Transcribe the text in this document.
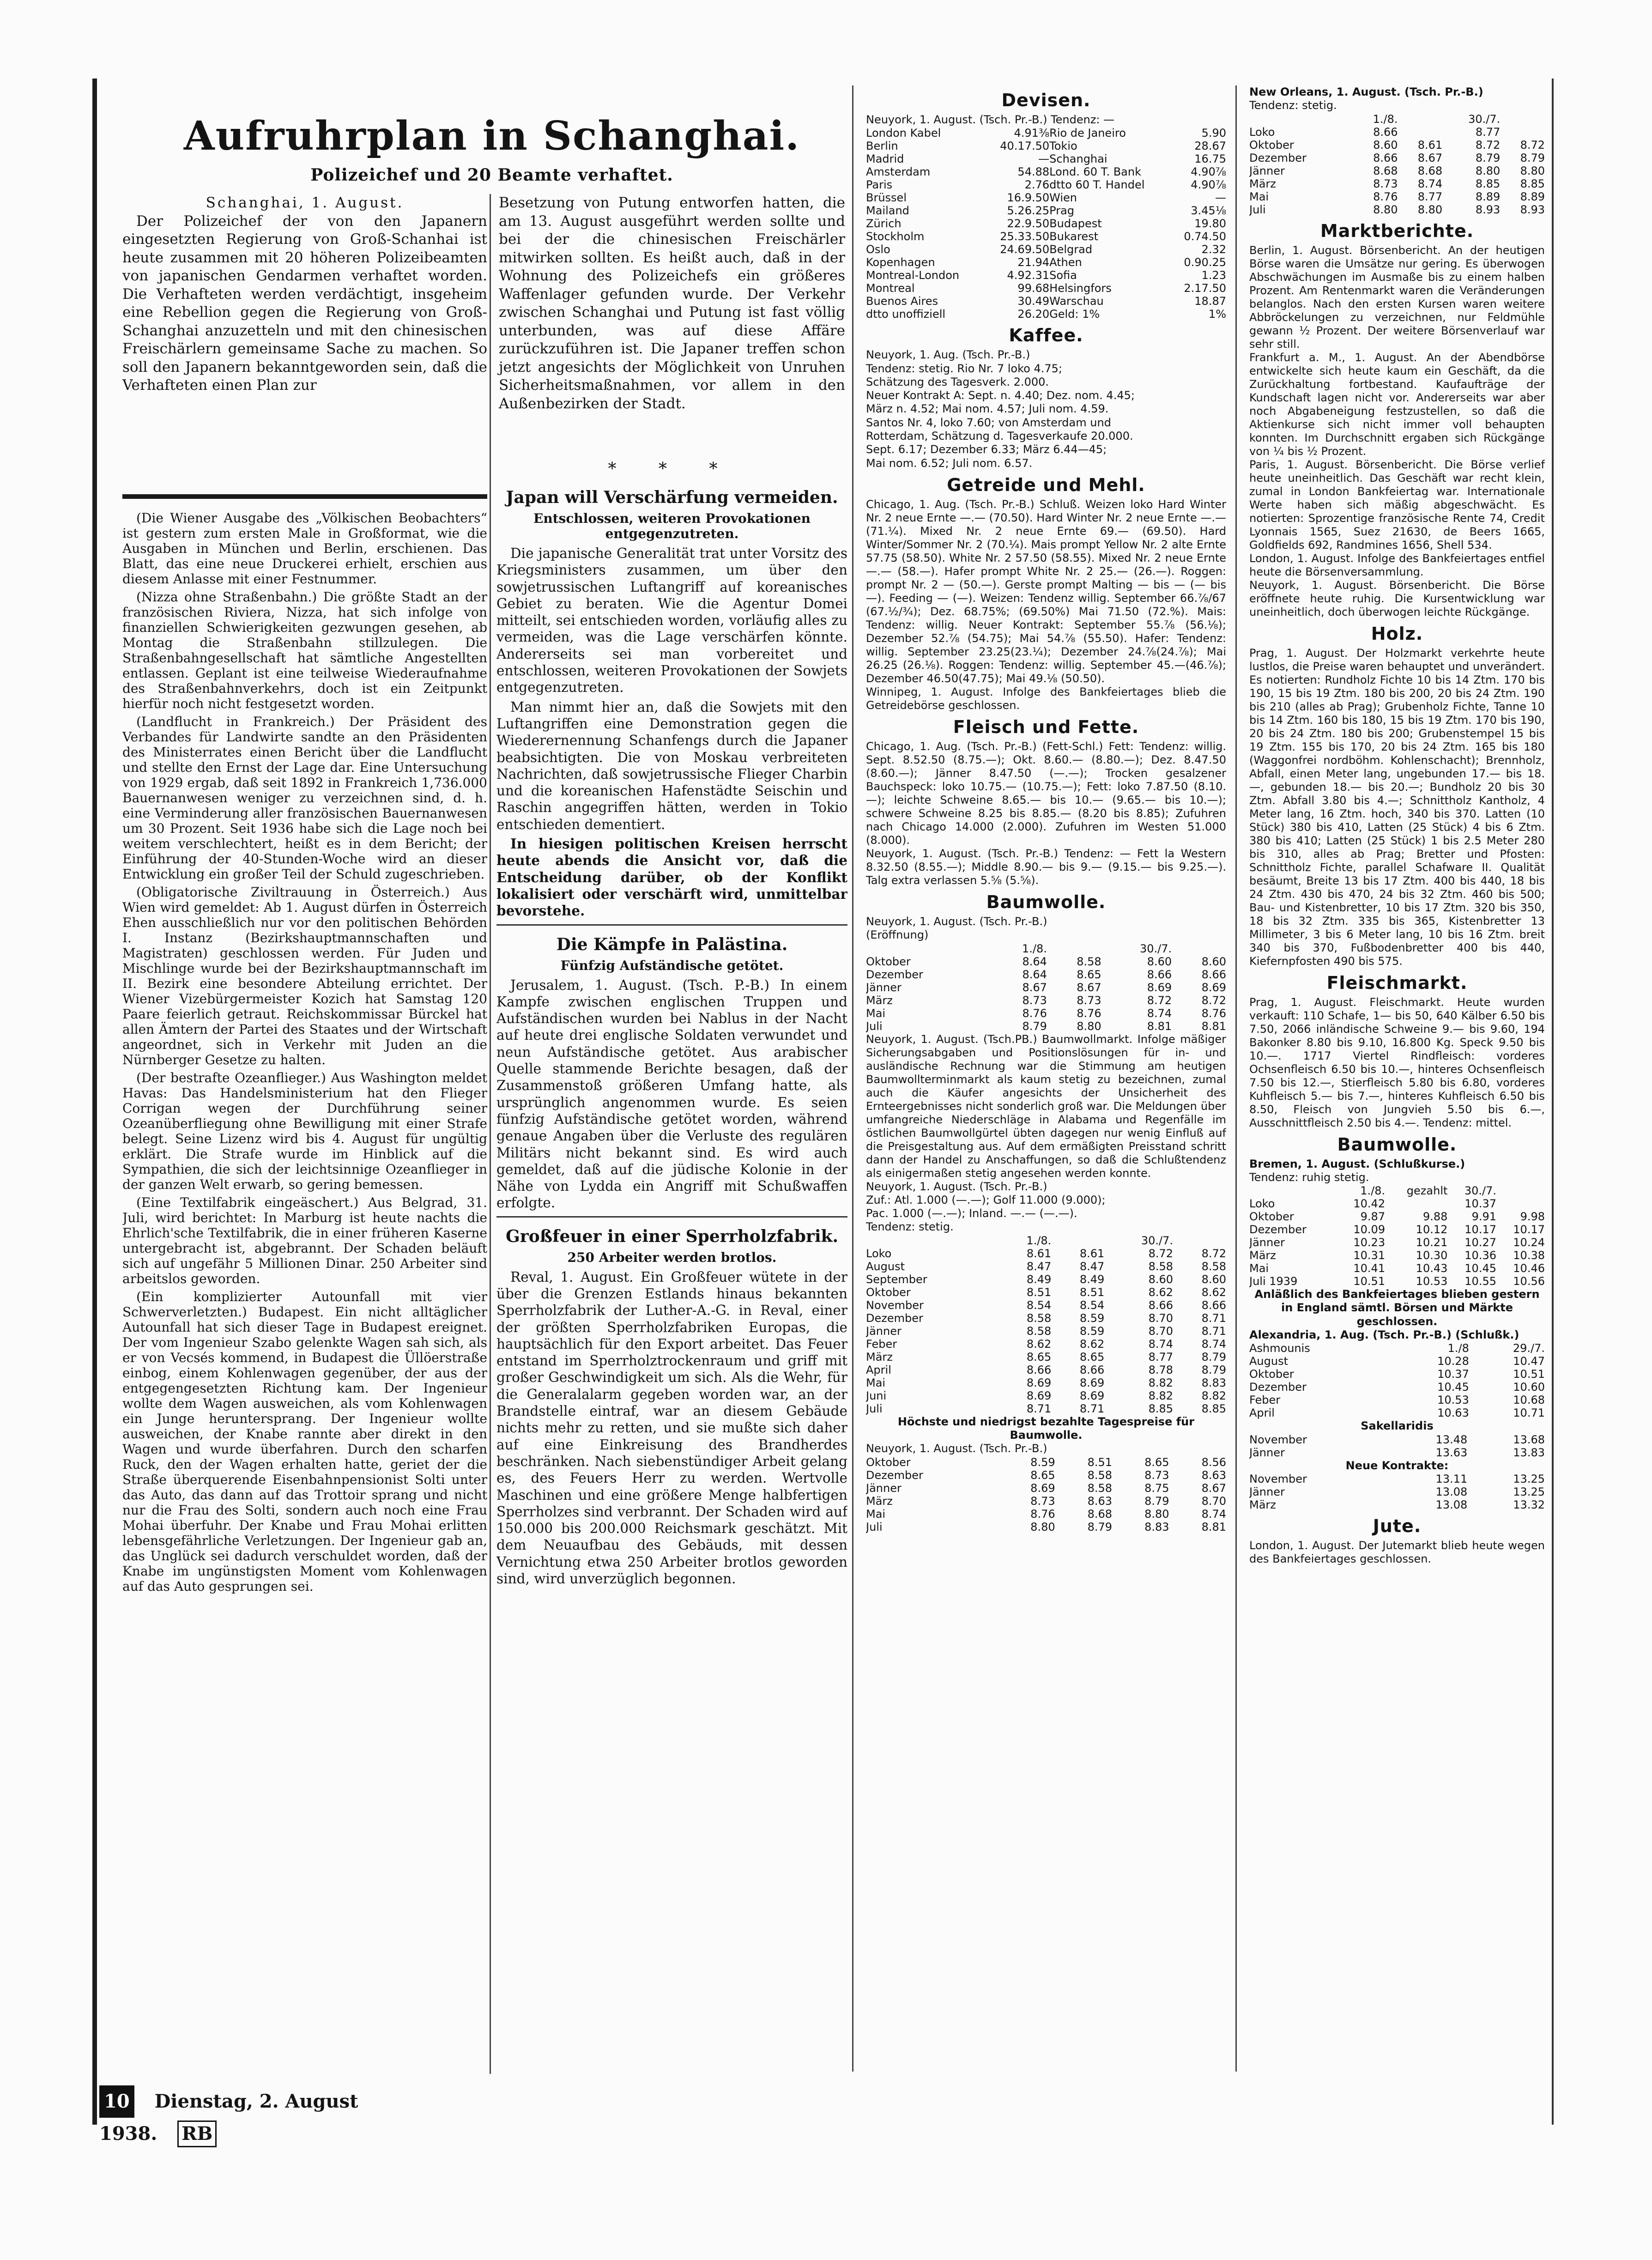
Aufruhrplan in Schanghai.
Polizeichef und 20 Beamte verhaftet.
Schanghai, 1. August.
Der Polizeichef der von den Japanern eingesetzten Regierung von Groß-Schanhai ist heute zusammen mit 20 höheren Polizeibeamten von japanischen Gendarmen verhaftet worden. Die Verhafteten werden verdächtigt, insgeheim eine Rebellion gegen die Regierung von Groß-Schanghai anzuzetteln und mit den chinesischen Freischärlern gemeinsame Sache zu machen. So soll den Japanern bekanntgeworden sein, daß die Verhafteten einen Plan zur
Besetzung von Putung entworfen hatten, die am 13. August ausgeführt werden sollte und bei der die chinesischen Freischärler mitwirken sollten. Es heißt auch, daß in der Wohnung des Polizeichefs ein größeres Waffenlager gefunden wurde. Der Verkehr zwischen Schanghai und Putung ist fast völlig unterbunden, was auf diese Affäre zurückzuführen ist. Die Japaner treffen schon jetzt angesichts der Möglichkeit von Unruhen Sicherheitsmaßnahmen, vor allem in den Außenbezirken der Stadt.

(Die Wiener Ausgabe des „Völkischen Beobachters“ ist gestern zum ersten Male in Großformat, wie die Ausgaben in München und Berlin, erschienen. Das Blatt, das eine neue Druckerei erhielt, erschien aus diesem Anlasse mit einer Festnummer.

(Nizza ohne Straßenbahn.) Die größte Stadt an der französischen Riviera, Nizza, hat sich infolge von finanziellen Schwierigkeiten gezwungen gesehen, ab Montag die Straßenbahn stillzulegen. Die Straßenbahngesellschaft hat sämtliche Angestellten entlassen. Geplant ist eine teilweise Wiederaufnahme des Straßenbahnverkehrs, doch ist ein Zeitpunkt hierfür noch nicht festgesetzt worden.

(Landflucht in Frankreich.) Der Präsident des Verbandes für Landwirte sandte an den Präsidenten des Ministerrates einen Bericht über die Landflucht und stellte den Ernst der Lage dar. Eine Untersuchung von 1929 ergab, daß seit 1892 in Frankreich 1,736.000 Bauernanwesen weniger zu verzeichnen sind, d. h. eine Verminderung aller französischen Bauernanwesen um 30 Prozent. Seit 1936 habe sich die Lage noch bei weitem verschlechtert, heißt es in dem Bericht; der Einführung der 40-Stunden-Woche wird an dieser Entwicklung ein großer Teil der Schuld zugeschrieben.

(Obligatorische Ziviltrauung in Österreich.) Aus Wien wird gemeldet: Ab 1. August dürfen in Österreich Ehen ausschließlich nur vor den politischen Behörden I. Instanz (Bezirkshauptmannschaften und Magistraten) geschlossen werden. Für Juden und Mischlinge wurde bei der Bezirkshauptmannschaft im II. Bezirk eine besondere Abteilung errichtet. Der Wiener Vizebürgermeister Kozich hat Samstag 120 Paare feierlich getraut. Reichskommissar Bürckel hat allen Ämtern der Partei des Staates und der Wirtschaft angeordnet, sich in Verkehr mit Juden an die Nürnberger Gesetze zu halten.

(Der bestrafte Ozeanflieger.) Aus Washington meldet Havas: Das Handelsministerium hat den Flieger Corrigan wegen der Durchführung seiner Ozeanüberfliegung ohne Bewilligung mit einer Strafe belegt. Seine Lizenz wird bis 4. August für ungültig erklärt. Die Strafe wurde im Hinblick auf die Sympathien, die sich der leichtsinnige Ozeanflieger in der ganzen Welt erwarb, so gering bemessen.

(Eine Textilfabrik eingeäschert.) Aus Belgrad, 31. Juli, wird berichtet: In Marburg ist heute nachts die Ehrlich'sche Textilfabrik, die in einer früheren Kaserne untergebracht ist, abgebrannt. Der Schaden beläuft sich auf ungefähr 5 Millionen Dinar. 250 Arbeiter sind arbeitslos geworden.

(Ein komplizierter Autounfall mit vier Schwerverletzten.) Budapest. Ein nicht alltäglicher Autounfall hat sich dieser Tage in Budapest ereignet. Der vom Ingenieur Szabo gelenkte Wagen sah sich, als er von Vecsés kommend, in Budapest die Üllöerstraße einbog, einem Kohlenwagen gegenüber, der aus der entgegengesetzten Richtung kam. Der Ingenieur wollte dem Wagen ausweichen, als vom Kohlenwagen ein Junge heruntersprang. Der Ingenieur wollte ausweichen, der Knabe rannte aber direkt in den Wagen und wurde überfahren. Durch den scharfen Ruck, den der Wagen erhalten hatte, geriet der die Straße überquerende Eisenbahnpensionist Solti unter das Auto, das dann auf das Trottoir sprang und nicht nur die Frau des Solti, sondern auch noch eine Frau Mohai überfuhr. Der Knabe und Frau Mohai erlitten lebensgefährliche Verletzungen. Der Ingenieur gab an, das Unglück sei dadurch verschuldet worden, daß der Knabe im ungünstigsten Moment vom Kohlenwagen auf das Auto gesprungen sei.

* * *
Japan will Verschärfung vermeiden.
Entschlossen, weiteren Provokationen entgegenzutreten.

Die japanische Generalität trat unter Vorsitz des Kriegsministers zusammen, um über den sowjetrussischen Luftangriff auf koreanisches Gebiet zu beraten. Wie die Agentur Domei mitteilt, sei entschieden worden, vorläufig alles zu vermeiden, was die Lage verschärfen könnte. Andererseits sei man vorbereitet und entschlossen, weiteren Provokationen der Sowjets entgegenzutreten.

Man nimmt hier an, daß die Sowjets mit den Luftangriffen eine Demonstration gegen die Wiederernennung Schanfengs durch die Japaner beabsichtigten. Die von Moskau verbreiteten Nachrichten, daß sowjetrussische Flieger Charbin und die koreanischen Hafenstädte Seischin und Raschin angegriffen hätten, werden in Tokio entschieden dementiert.

In hiesigen politischen Kreisen herrscht heute abends die Ansicht vor, daß die Entscheidung darüber, ob der Konflikt lokalisiert oder verschärft wird, unmittelbar bevorstehe.

Die Kämpfe in Palästina.
Fünfzig Aufständische getötet.

Jerusalem, 1. August. (Tsch. P.-B.) In einem Kampfe zwischen englischen Truppen und Aufständischen wurden bei Nablus in der Nacht auf heute drei englische Soldaten verwundet und neun Aufständische getötet. Aus arabischer Quelle stammende Berichte besagen, daß der Zusammenstoß größeren Umfang hatte, als ursprünglich angenommen wurde. Es seien fünfzig Aufständische getötet worden, während genaue Angaben über die Verluste des regulären Militärs nicht bekannt sind. Es wird auch gemeldet, daß auf die jüdische Kolonie in der Nähe von Lydda ein Angriff mit Schußwaffen erfolgte.

Großfeuer in einer Sperrholzfabrik.
250 Arbeiter werden brotlos.

Reval, 1. August. Ein Großfeuer wütete in der über die Grenzen Estlands hinaus bekannten Sperrholzfabrik der Luther-A.-G. in Reval, einer der größten Sperrholzfabriken Europas, die hauptsächlich für den Export arbeitet. Das Feuer entstand im Sperrholztrockenraum und griff mit großer Geschwindigkeit um sich. Als die Wehr, für die Generalalarm gegeben worden war, an der Brandstelle eintraf, war an diesem Gebäude nichts mehr zu retten, und sie mußte sich daher auf eine Einkreisung des Brandherdes beschränken. Nach siebenstündiger Arbeit gelang es, des Feuers Herr zu werden. Wertvolle Maschinen und eine größere Menge halbfertigen Sperrholzes sind verbrannt. Der Schaden wird auf 150.000 bis 200.000 Reichsmark geschätzt. Mit dem Neuaufbau des Gebäuds, mit dessen Vernichtung etwa 250 Arbeiter brotlos geworden sind, wird unverzüglich begonnen.

Devisen.
Neuyork, 1. August. (Tsch. Pr.-B.) Tendenz: —
London Kabel	4.91⅜	Rio de Janeiro	5.90
Berlin	40.17.50	Tokio	28.67
Madrid	—	Schanghai	16.75
Amsterdam	54.88	Lond. 60 T. Bank	4.90⅞
Paris	2.76	dtto 60 T. Handel	4.90⅞
Brüssel	16.9.50	Wien	—
Mailand	5.26.25	Prag	3.45⅛
Zürich	22.9.50	Budapest	19.80
Stockholm	25.33.50	Bukarest	0.74.50
Oslo	24.69.50	Belgrad	2.32
Kopenhagen	21.94	Athen	0.90.25
Montreal-London	4.92.31	Sofia	1.23
Montreal	99.68	Helsingfors	2.17.50
Buenos Aires	30.49	Warschau	18.87
dtto unoffiziell	26.20	Geld: 1%	1%
Kaffee.
Neuyork, 1. Aug. (Tsch. Pr.-B.)
Tendenz: stetig. Rio Nr. 7 loko 4.75;
Schätzung des Tagesverk. 2.000.
Neuer Kontrakt A: Sept. n. 4.40; Dez. nom. 4.45;
März n. 4.52; Mai nom. 4.57; Juli nom. 4.59.
Santos Nr. 4, loko 7.60; von Amsterdam und
Rotterdam, Schätzung d. Tagesverkaufe 20.000.
Sept. 6.17; Dezember 6.33; März 6.44—45;
Mai nom. 6.52; Juli nom. 6.57.
Getreide und Mehl.
Chicago, 1. Aug. (Tsch. Pr.-B.) Schluß. Weizen loko Hard Winter Nr. 2 neue Ernte —.— (70.50). Hard Winter Nr. 2 neue Ernte —.— (71.¼). Mixed Nr. 2 neue Ernte 69.— (69.50). Hard Winter/Sommer Nr. 2 (70.¼). Mais prompt Yellow Nr. 2 alte Ernte 57.75 (58.50). White Nr. 2 57.50 (58.55). Mixed Nr. 2 neue Ernte —.— (58.—). Hafer prompt White Nr. 2 25.— (26.—). Roggen: prompt Nr. 2 — (50.—). Gerste prompt Malting — bis — (— bis —). Feeding — (—). Weizen: Tendenz willig. September 66.⅞/67 (67.½/¾); Dez. 68.75%; (69.50%) Mai 71.50 (72.%). Mais: Tendenz: willig. Neuer Kontrakt: September 55.⅞ (56.⅛); Dezember 52.⅞ (54.75); Mai 54.⅞ (55.50). Hafer: Tendenz: willig. September 23.25(23.¼); Dezember 24.⅞(24.⅞); Mai 26.25 (26.⅛). Roggen: Tendenz: willig. September 45.—(46.⅞); Dezember 46.50(47.75); Mai 49.⅛ (50.50).
Winnipeg, 1. August. Infolge des Bankfeiertages blieb die Getreidebörse geschlossen.
Fleisch und Fette.
Chicago, 1. Aug. (Tsch. Pr.-B.) (Fett-Schl.) Fett: Tendenz: willig. Sept. 8.52.50 (8.75.—); Okt. 8.60.— (8.80.—); Dez. 8.47.50 (8.60.—); Jänner 8.47.50 (—.—); Trocken gesalzener Bauchspeck: loko 10.75.— (10.75.—); Fett: loko 7.87.50 (8.10.—); leichte Schweine 8.65.— bis 10.— (9.65.— bis 10.—); schwere Schweine 8.25 bis 8.85.— (8.20 bis 8.85); Zufuhren nach Chicago 14.000 (2.000). Zufuhren im Westen 51.000 (8.000).
Neuyork, 1. August. (Tsch. Pr.-B.) Tendenz: — Fett la Western 8.32.50 (8.55.—); Middle 8.90.— bis 9.— (9.15.— bis 9.25.—). Talg extra verlassen 5.⅝ (5.⅝).
Baumwolle.
Neuyork, 1. August. (Tsch. Pr.-B.)
(Eröffnung)
	1./8.		30./7.	
Oktober	8.64	8.58	8.60	8.60
Dezember	8.64	8.65	8.66	8.66
Jänner	8.67	8.67	8.69	8.69
März	8.73	8.73	8.72	8.72
Mai	8.76	8.76	8.74	8.76
Juli	8.79	8.80	8.81	8.81
Neuyork, 1. August. (Tsch.PB.) Baumwollmarkt. Infolge mäßiger Sicherungsabgaben und Positionslösungen für in- und ausländische Rechnung war die Stimmung am heutigen Baumwollterminmarkt als kaum stetig zu bezeichnen, zumal auch die Käufer angesichts der Unsicherheit des Ernteergebnisses nicht sonderlich groß war. Die Meldungen über umfangreiche Niederschläge in Alabama und Regenfälle im östlichen Baumwollgürtel übten dagegen nur wenig Einfluß auf die Preisgestaltung aus. Auf dem ermäßigten Preisstand schritt dann der Handel zu Anschaffungen, so daß die Schlußtendenz als einigermaßen stetig angesehen werden konnte.
Neuyork, 1. August. (Tsch. Pr.-B.)
Zuf.: Atl. 1.000 (—.—); Golf 11.000 (9.000);
Pac. 1.000 (—.—); Inland. —.— (—.—).
Tendenz: stetig.
	1./8.		30./7.	
Loko	8.61	8.61	8.72	8.72
August	8.47	8.47	8.58	8.58
September	8.49	8.49	8.60	8.60
Oktober	8.51	8.51	8.62	8.62
November	8.54	8.54	8.66	8.66
Dezember	8.58	8.59	8.70	8.71
Jänner	8.58	8.59	8.70	8.71
Feber	8.62	8.62	8.74	8.74
März	8.65	8.65	8.77	8.79
April	8.66	8.66	8.78	8.79
Mai	8.69	8.69	8.82	8.83
Juni	8.69	8.69	8.82	8.82
Juli	8.71	8.71	8.85	8.85
Höchste und niedrigst bezahlte Tagespreise für Baumwolle.
Neuyork, 1. August. (Tsch. Pr.-B.)
Oktober	8.59	8.51	8.65	8.56
Dezember	8.65	8.58	8.73	8.63
Jänner	8.69	8.58	8.75	8.67
März	8.73	8.63	8.79	8.70
Mai	8.76	8.68	8.80	8.74
Juli	8.80	8.79	8.83	8.81
New Orleans, 1. August. (Tsch. Pr.-B.)
Tendenz: stetig.
	1./8.		30./7.	
Loko	8.66		8.77	
Oktober	8.60	8.61	8.72	8.72
Dezember	8.66	8.67	8.79	8.79
Jänner	8.68	8.68	8.80	8.80
März	8.73	8.74	8.85	8.85
Mai	8.76	8.77	8.89	8.89
Juli	8.80	8.80	8.93	8.93
Marktberichte.
Berlin, 1. August. Börsenbericht. An der heutigen Börse waren die Umsätze nur gering. Es überwogen Abschwächungen im Ausmaße bis zu einem halben Prozent. Am Rentenmarkt waren die Veränderungen belanglos. Nach den ersten Kursen waren weitere Abbröckelungen zu verzeichnen, nur Feldmühle gewann ½ Prozent. Der weitere Börsenverlauf war sehr still.
Frankfurt a. M., 1. August. An der Abendbörse entwickelte sich heute kaum ein Geschäft, da die Zurückhaltung fortbestand. Kaufaufträge der Kundschaft lagen nicht vor. Andererseits war aber noch Abgabeneigung festzustellen, so daß die Aktienkurse sich nicht immer voll behaupten konnten. Im Durchschnitt ergaben sich Rückgänge von ¼ bis ½ Prozent.
Paris, 1. August. Börsenbericht. Die Börse verlief heute uneinheitlich. Das Geschäft war recht klein, zumal in London Bankfeiertag war. Internationale Werte haben sich mäßig abgeschwächt. Es notierten: Sprozentige französische Rente 74, Credit Lyonnais 1565, Suez 21630, de Beers 1665, Goldfields 692, Randmines 1656, Shell 534.
London, 1. August. Infolge des Bankfeiertages entfiel heute die Börsenversammlung.
Neuyork, 1. August. Börsenbericht. Die Börse eröffnete heute ruhig. Die Kursentwicklung war uneinheitlich, doch überwogen leichte Rückgänge.
Holz.
Prag, 1. August. Der Holzmarkt verkehrte heute lustlos, die Preise waren behauptet und unverändert. Es notierten: Rundholz Fichte 10 bis 14 Ztm. 170 bis 190, 15 bis 19 Ztm. 180 bis 200, 20 bis 24 Ztm. 190 bis 210 (alles ab Prag); Grubenholz Fichte, Tanne 10 bis 14 Ztm. 160 bis 180, 15 bis 19 Ztm. 170 bis 190, 20 bis 24 Ztm. 180 bis 200; Grubenstempel 15 bis 19 Ztm. 155 bis 170, 20 bis 24 Ztm. 165 bis 180 (Waggonfrei nordböhm. Kohlenschacht); Brennholz, Abfall, einen Meter lang, ungebunden 17.— bis 18.—, gebunden 18.— bis 20.—; Bundholz 20 bis 30 Ztm. Abfall 3.80 bis 4.—; Schnittholz Kantholz, 4 Meter lang, 16 Ztm. hoch, 340 bis 370. Latten (10 Stück) 380 bis 410, Latten (25 Stück) 4 bis 6 Ztm. 380 bis 410; Latten (25 Stück) 1 bis 2.5 Meter 280 bis 310, alles ab Prag; Bretter und Pfosten: Schnittholz Fichte, parallel Schafware II. Qualität besäumt, Breite 13 bis 17 Ztm. 400 bis 440, 18 bis 24 Ztm. 430 bis 470, 24 bis 32 Ztm. 460 bis 500; Bau- und Kistenbretter, 10 bis 17 Ztm. 320 bis 350, 18 bis 32 Ztm. 335 bis 365, Kistenbretter 13 Millimeter, 3 bis 6 Meter lang, 10 bis 16 Ztm. breit 340 bis 370, Fußbodenbretter 400 bis 440, Kiefernpfosten 490 bis 575.
Fleischmarkt.
Prag, 1. August. Fleischmarkt. Heute wurden verkauft: 110 Schafe, 1— bis 50, 640 Kälber 6.50 bis 7.50, 2066 inländische Schweine 9.— bis 9.60, 194 Bakonker 8.80 bis 9.10, 16.800 Kg. Speck 9.50 bis 10.—. 1717 Viertel Rindfleisch: vorderes Ochsenfleisch 6.50 bis 10.—, hinteres Ochsenfleisch 7.50 bis 12.—, Stierfleisch 5.80 bis 6.80, vorderes Kuhfleisch 5.— bis 7.—, hinteres Kuhfleisch 6.50 bis 8.50, Fleisch von Jungvieh 5.50 bis 6.—, Ausschnittfleisch 2.50 bis 4.—. Tendenz: mittel.
Baumwolle.
Bremen, 1. August. (Schlußkurse.)
Tendenz: ruhig stetig.
	1./8.	gezahlt	30./7.	
Loko	10.42		10.37	
Oktober	9.87	9.88	9.91	9.98
Dezember	10.09	10.12	10.17	10.17
Jänner	10.23	10.21	10.27	10.24
März	10.31	10.30	10.36	10.38
Mai	10.41	10.43	10.45	10.46
Juli 1939	10.51	10.53	10.55	10.56
Anläßlich des Bankfeiertages blieben gestern in England sämtl. Börsen und Märkte geschlossen.
Alexandria, 1. Aug. (Tsch. Pr.-B.) (Schlußk.)
Ashmounis	1./8	29./7.
August	10.28	10.47
Oktober	10.37	10.51
Dezember	10.45	10.60
Feber	10.53	10.68
April	10.63	10.71
Sakellaridis
November	13.48	13.68
Jänner	13.63	13.83
Neue Kontrakte:
November	13.11	13.25
Jänner	13.08	13.25
März	13.08	13.32
Jute.
London, 1. August. Der Jutemarkt blieb heute wegen des Bankfeiertages geschlossen.
10 Dienstag, 2. August 1938. RB
